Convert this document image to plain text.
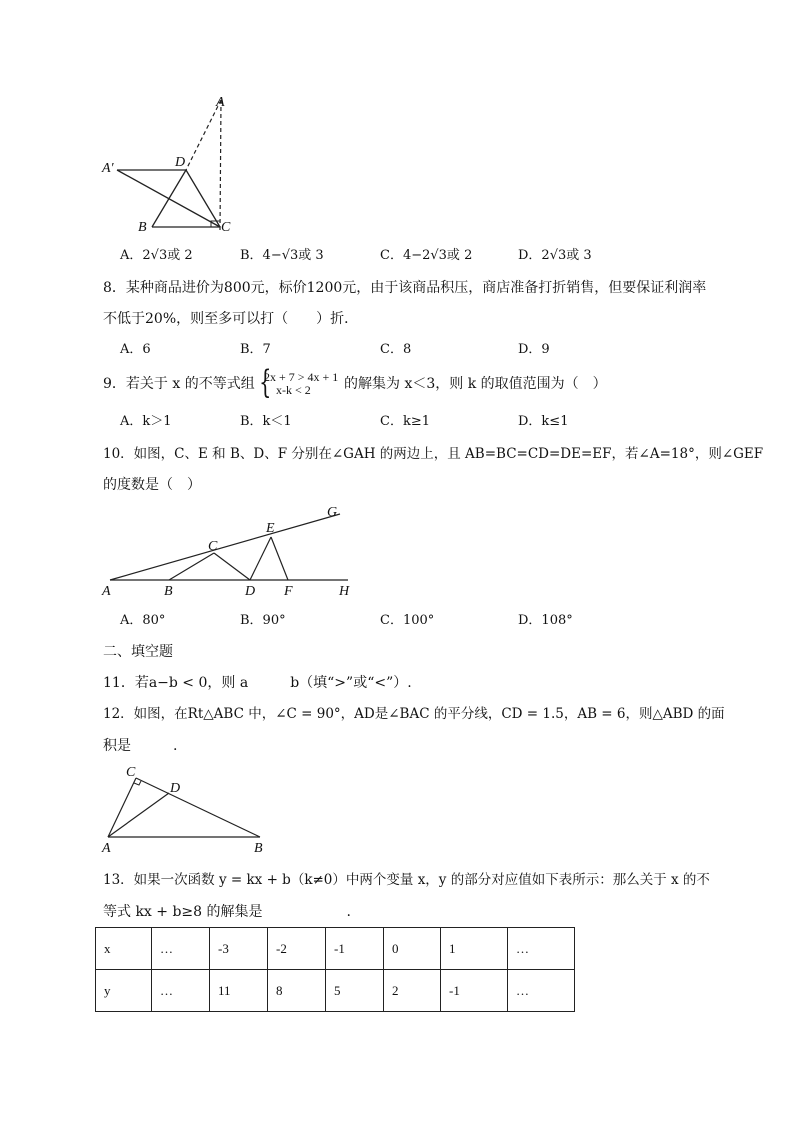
A
A′	D
B	C
A．2√3或 2	B．4−√3或 3	C．4−2√3或 2	D．2√3或 3
8．某种商品进价为800元，标价1200元，由于该商品积压，商店准备打折销售，但要保证利润率
不低于20%，则至多可以打（　　）折．
A．6	B．7	C．8	D．9
9．若关于 x 的不等式组 {
2x + 7 > 4x + 1
x-k < 2	的解集为 x＜3，则 k 的取值范围为（　）
A．k＞1	B．k＜1	C．k≥1	D．k≤1
10．如图，C、E 和 B、D、F 分别在∠GAH 的两边上，且 AB=BC=CD=DE=EF，若∠A=18°，则∠GEF
的度数是（　）
A	B
C
D
E
F
G
H
A．80°	B．90°	C．100°	D．108°
二、填空题
11．若a−b < 0，则 a　　　b（填“>”或“<”）.
12．如图，在Rt△ABC 中，∠C = 90°，AD是∠BAC 的平分线，CD = 1.5，AB = 6，则△ABD 的面
积是　　　.
C
D
A	B
13．如果一次函数 y = kx + b（k≠0）中两个变量 x，y 的部分对应值如下表所示：那么关于 x 的不
等式 kx + b≥8 的解集是　　　　　　.
x	…	-3	-2	-1	0	1	…
y	…	11	8	5	2	-1	…
